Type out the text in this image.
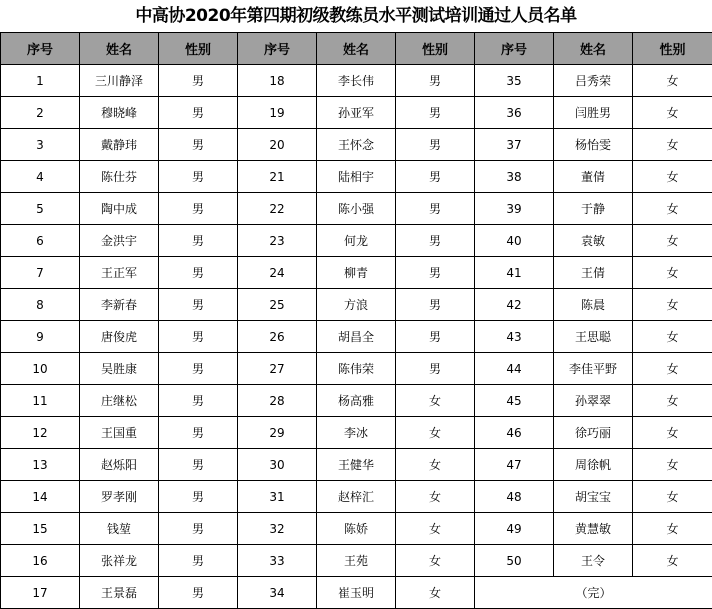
中高协2020年第四期初级教练员水平测试培训通过人员名单
序号	姓名	性别	序号	姓名	性别	序号	姓名	性别
1	三川静泽	男	18	李长伟	男	35	吕秀荣	女
2	穆晓峰	男	19	孙亚军	男	36	闫胜男	女
3	戴静玮	男	20	王怀念	男	37	杨怡雯	女
4	陈仕芬	男	21	陆相宇	男	38	董倩	女
5	陶中成	男	22	陈小强	男	39	于静	女
6	金洪宇	男	23	何龙	男	40	袁敏	女
7	王正军	男	24	柳青	男	41	王倩	女
8	李新春	男	25	方浪	男	42	陈晨	女
9	唐俊虎	男	26	胡昌全	男	43	王思聪	女
10	吴胜康	男	27	陈伟荣	男	44	李佳平野	女
11	庄继松	男	28	杨高雅	女	45	孙翠翠	女
12	王国重	男	29	李冰	女	46	徐巧丽	女
13	赵烁阳	男	30	王健华	女	47	周徐帆	女
14	罗孝刚	男	31	赵梓汇	女	48	胡宝宝	女
15	钱堃	男	32	陈娇	女	49	黄慧敏	女
16	张祥龙	男	33	王苑	女	50	王令	女
17	王景磊	男	34	崔玉明	女	（完）		
